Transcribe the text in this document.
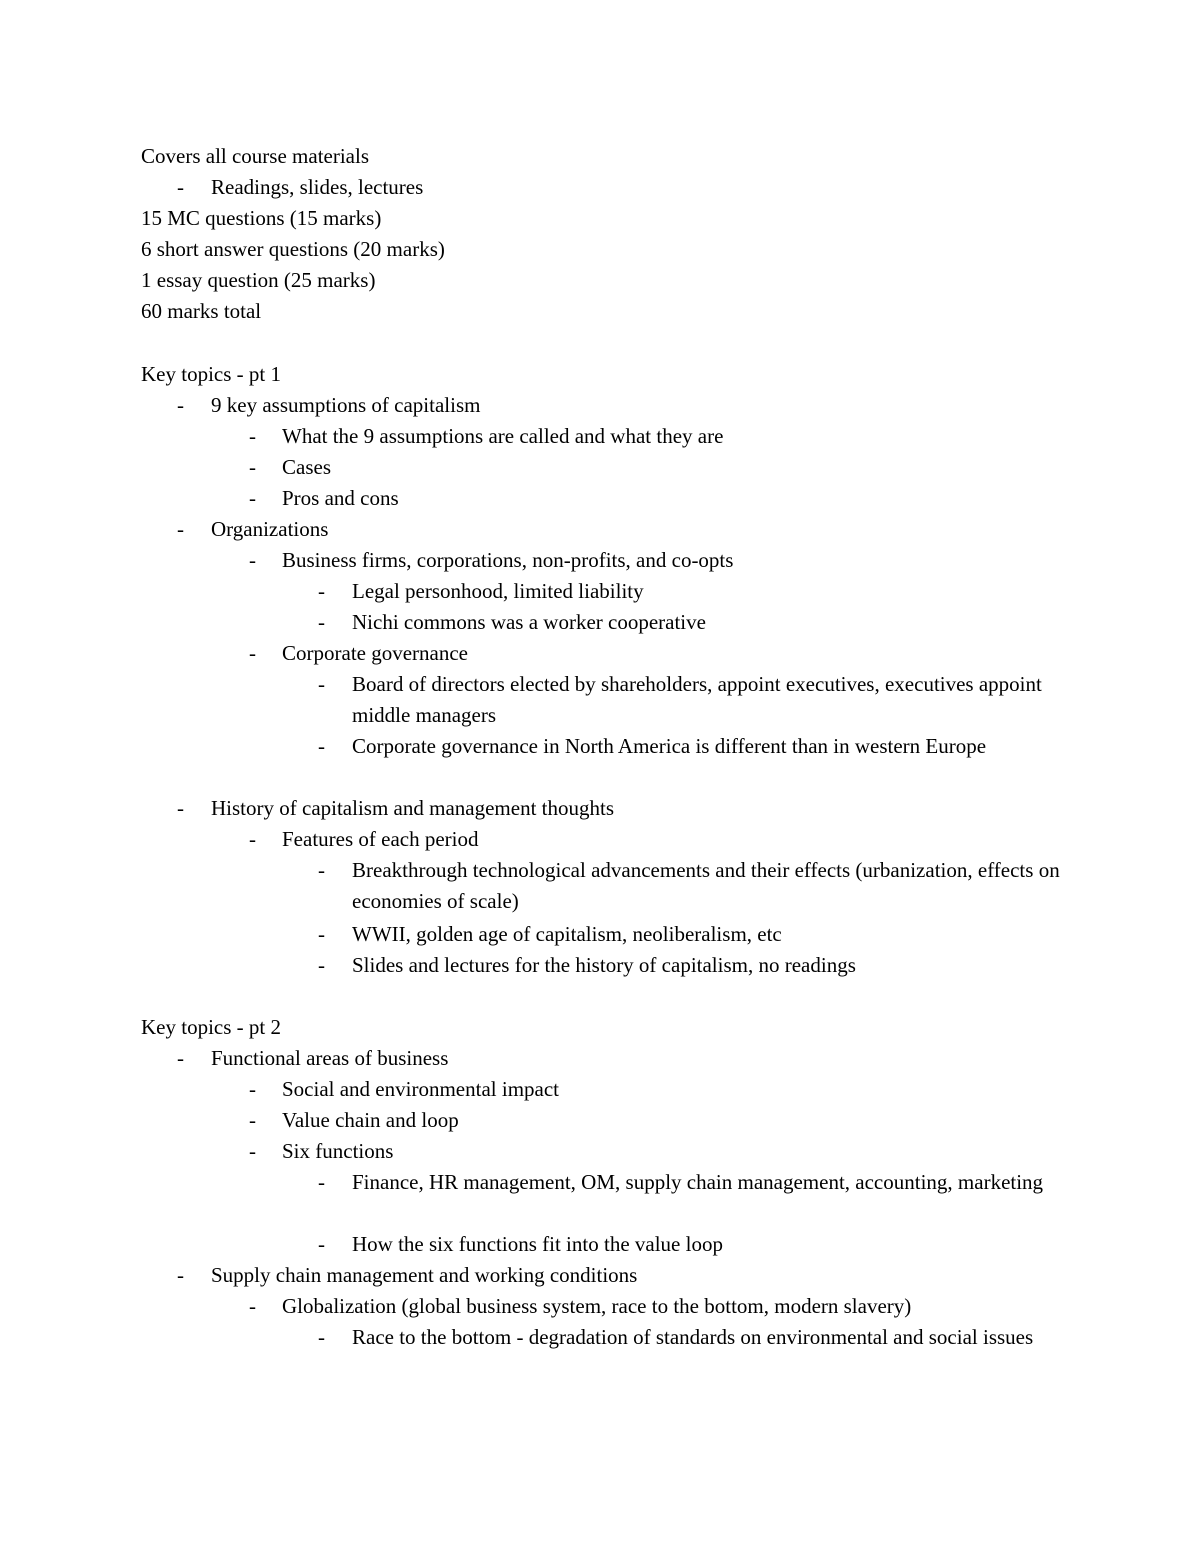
Covers all course materials
- Readings, slides, lectures
15 MC questions (15 marks)
6 short answer questions (20 marks)
1 essay question (25 marks)
60 marks total
Key topics - pt 1
- 9 key assumptions of capitalism
- What the 9 assumptions are called and what they are
- Cases
- Pros and cons
- Organizations
- Business firms, corporations, non-profits, and co-opts
- Legal personhood, limited liability
- Nichi commons was a worker cooperative
- Corporate governance
- Board of directors elected by shareholders, appoint executives, executives appoint middle managers
- Corporate governance in North America is different than in western Europe
- History of capitalism and management thoughts
- Features of each period
- Breakthrough technological advancements and their effects (urbanization, effects on economies of scale)
- WWII, golden age of capitalism, neoliberalism, etc
- Slides and lectures for the history of capitalism, no readings
Key topics - pt 2
- Functional areas of business
- Social and environmental impact
- Value chain and loop
- Six functions
- Finance, HR management, OM, supply chain management, accounting, marketing
- How the six functions fit into the value loop
- Supply chain management and working conditions
- Globalization (global business system, race to the bottom, modern slavery)
- Race to the bottom - degradation of standards on environmental and social issues
